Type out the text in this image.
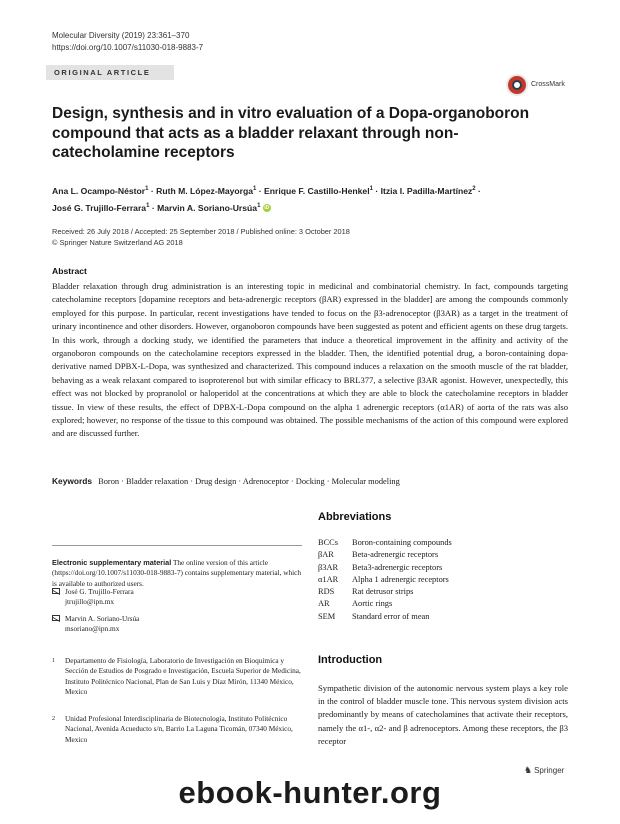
Molecular Diversity (2019) 23:361–370
https://doi.org/10.1007/s11030-018-9883-7
ORIGINAL ARTICLE
CrossMark
Design, synthesis and in vitro evaluation of a Dopa-organoboron compound that acts as a bladder relaxant through non-catecholamine receptors
Ana L. Ocampo-Néstor$^1$ · Ruth M. López-Mayorga$^1$ · Enrique F. Castillo-Henkel$^1$ · Itzia I. Padilla-Martínez$^2$ ·
José G. Trujillo-Ferrara$^1$ · Marvin A. Soriano-Ursúa$^1$ iD
Received: 26 July 2018 / Accepted: 25 September 2018 / Published online: 3 October 2018
© Springer Nature Switzerland AG 2018
Abstract
Bladder relaxation through drug administration is an interesting topic in medicinal and combinatorial chemistry. In fact, compounds targeting catecholamine receptors [dopamine receptors and beta-adrenergic receptors (βAR) expressed in the bladder] are among the compounds commonly employed for this purpose. In particular, recent investigations have tended to focus on the β3-adrenoceptor (β3AR) as a target in the treatment of urinary incontinence and other disorders. However, organoboron compounds have been suggested as potent and efficient agents on these drug targets. In this work, through a docking study, we identified the parameters that induce a theoretical improvement in the affinity and activity of the organoboron compounds on the catecholamine receptors expressed in the bladder. Then, the identified potential drug, a boron-containing dopa-derivative named DPBX-L-Dopa, was synthesized and characterized. This compound induces a relaxation on the smooth muscle of the rat bladder, behaving as a weak relaxant compared to isoproterenol but with similar efficacy to BRL377, a selective β3AR agonist. However, unexpectedly, this effect was not blocked by propranolol or haloperidol at the concentrations at which they are able to block the catecholamine receptors in bladder tissue. In view of these results, the effect of DPBX-L-Dopa compound on the alpha 1 adrenergic receptors (α1AR) of aorta of the rats was also explored; however, no response of the tissue to this compound was obtained. The possible mechanisms of the action of this compound were explored and are discussed further.
Keywords Boron · Bladder relaxation · Drug design · Adrenoceptor · Docking · Molecular modeling
Abbreviations
BCCs	Boron-containing compounds
βAR	Beta-adrenergic receptors
β3AR	Beta3-adrenergic receptors
α1AR	Alpha 1 adrenergic receptors
RDS	Rat detrusor strips
AR	Aortic rings
SEM	Standard error of mean
Introduction
Sympathetic division of the autonomic nervous system plays a key role in the control of bladder muscle tone. This nervous system division acts predominantly by means of catecholamines that activate their receptors, namely the α1-, α2- and β adrenoceptors. Among these receptors, the β3 receptor
Electronic supplementary material The online version of this article (https://doi.org/10.1007/s11030-018-9883-7) contains supplementary material, which is available to authorized users.
José G. Trujillo-Ferrara
jtrujillo@ipn.mx
Marvin A. Soriano-Ursúa
msoriano@ipn.mx
1 Departamento de Fisiología, Laboratorio de Investigación en Bioquímica y Sección de Estudios de Posgrado e Investigación, Escuela Superior de Medicina, Instituto Politécnico Nacional, Plan de San Luis y Díaz Mirón, 11340 México, Mexico
2 Unidad Profesional Interdisciplinaria de Biotecnología, Instituto Politécnico Nacional, Avenida Acueducto s/n, Barrio La Laguna Ticomán, 07340 México, Mexico
♞ Springer
ebook-hunter.org
